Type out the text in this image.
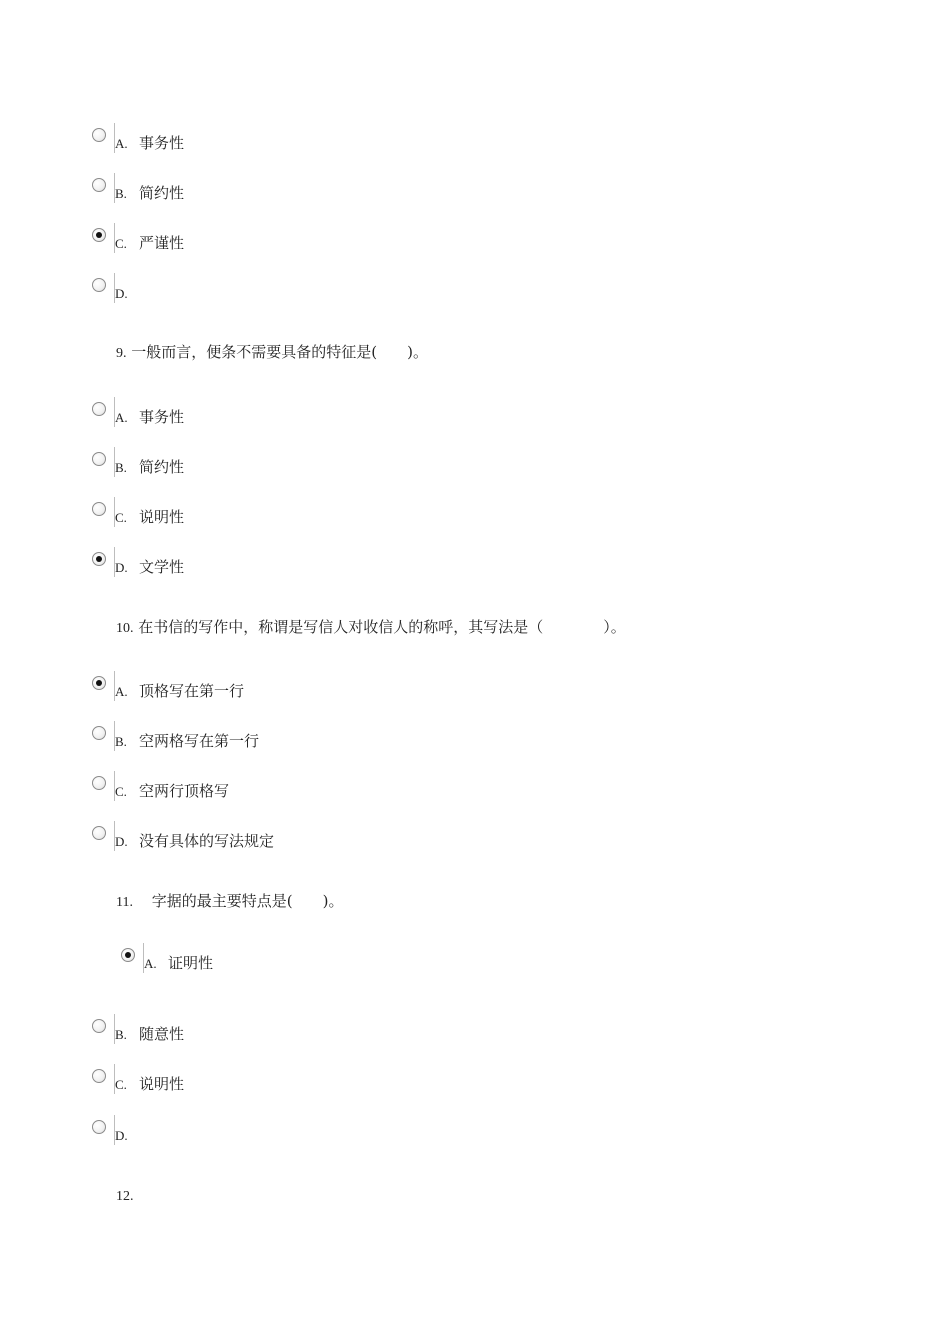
A. 事务性
B. 简约性
C. 严谨性
D.
9. 一般而言，便条不需要具备的特征是(　　)。
A. 事务性
B. 简约性
C. 说明性
D. 文学性
10. 在书信的写作中，称谓是写信人对收信人的称呼，其写法是（　　　　）。
A. 顶格写在第一行
B. 空两格写在第一行
C. 空两行顶格写
D. 没有具体的写法规定
11. 字据的最主要特点是(　　)。
A. 证明性
B. 随意性
C. 说明性
D.
12.
